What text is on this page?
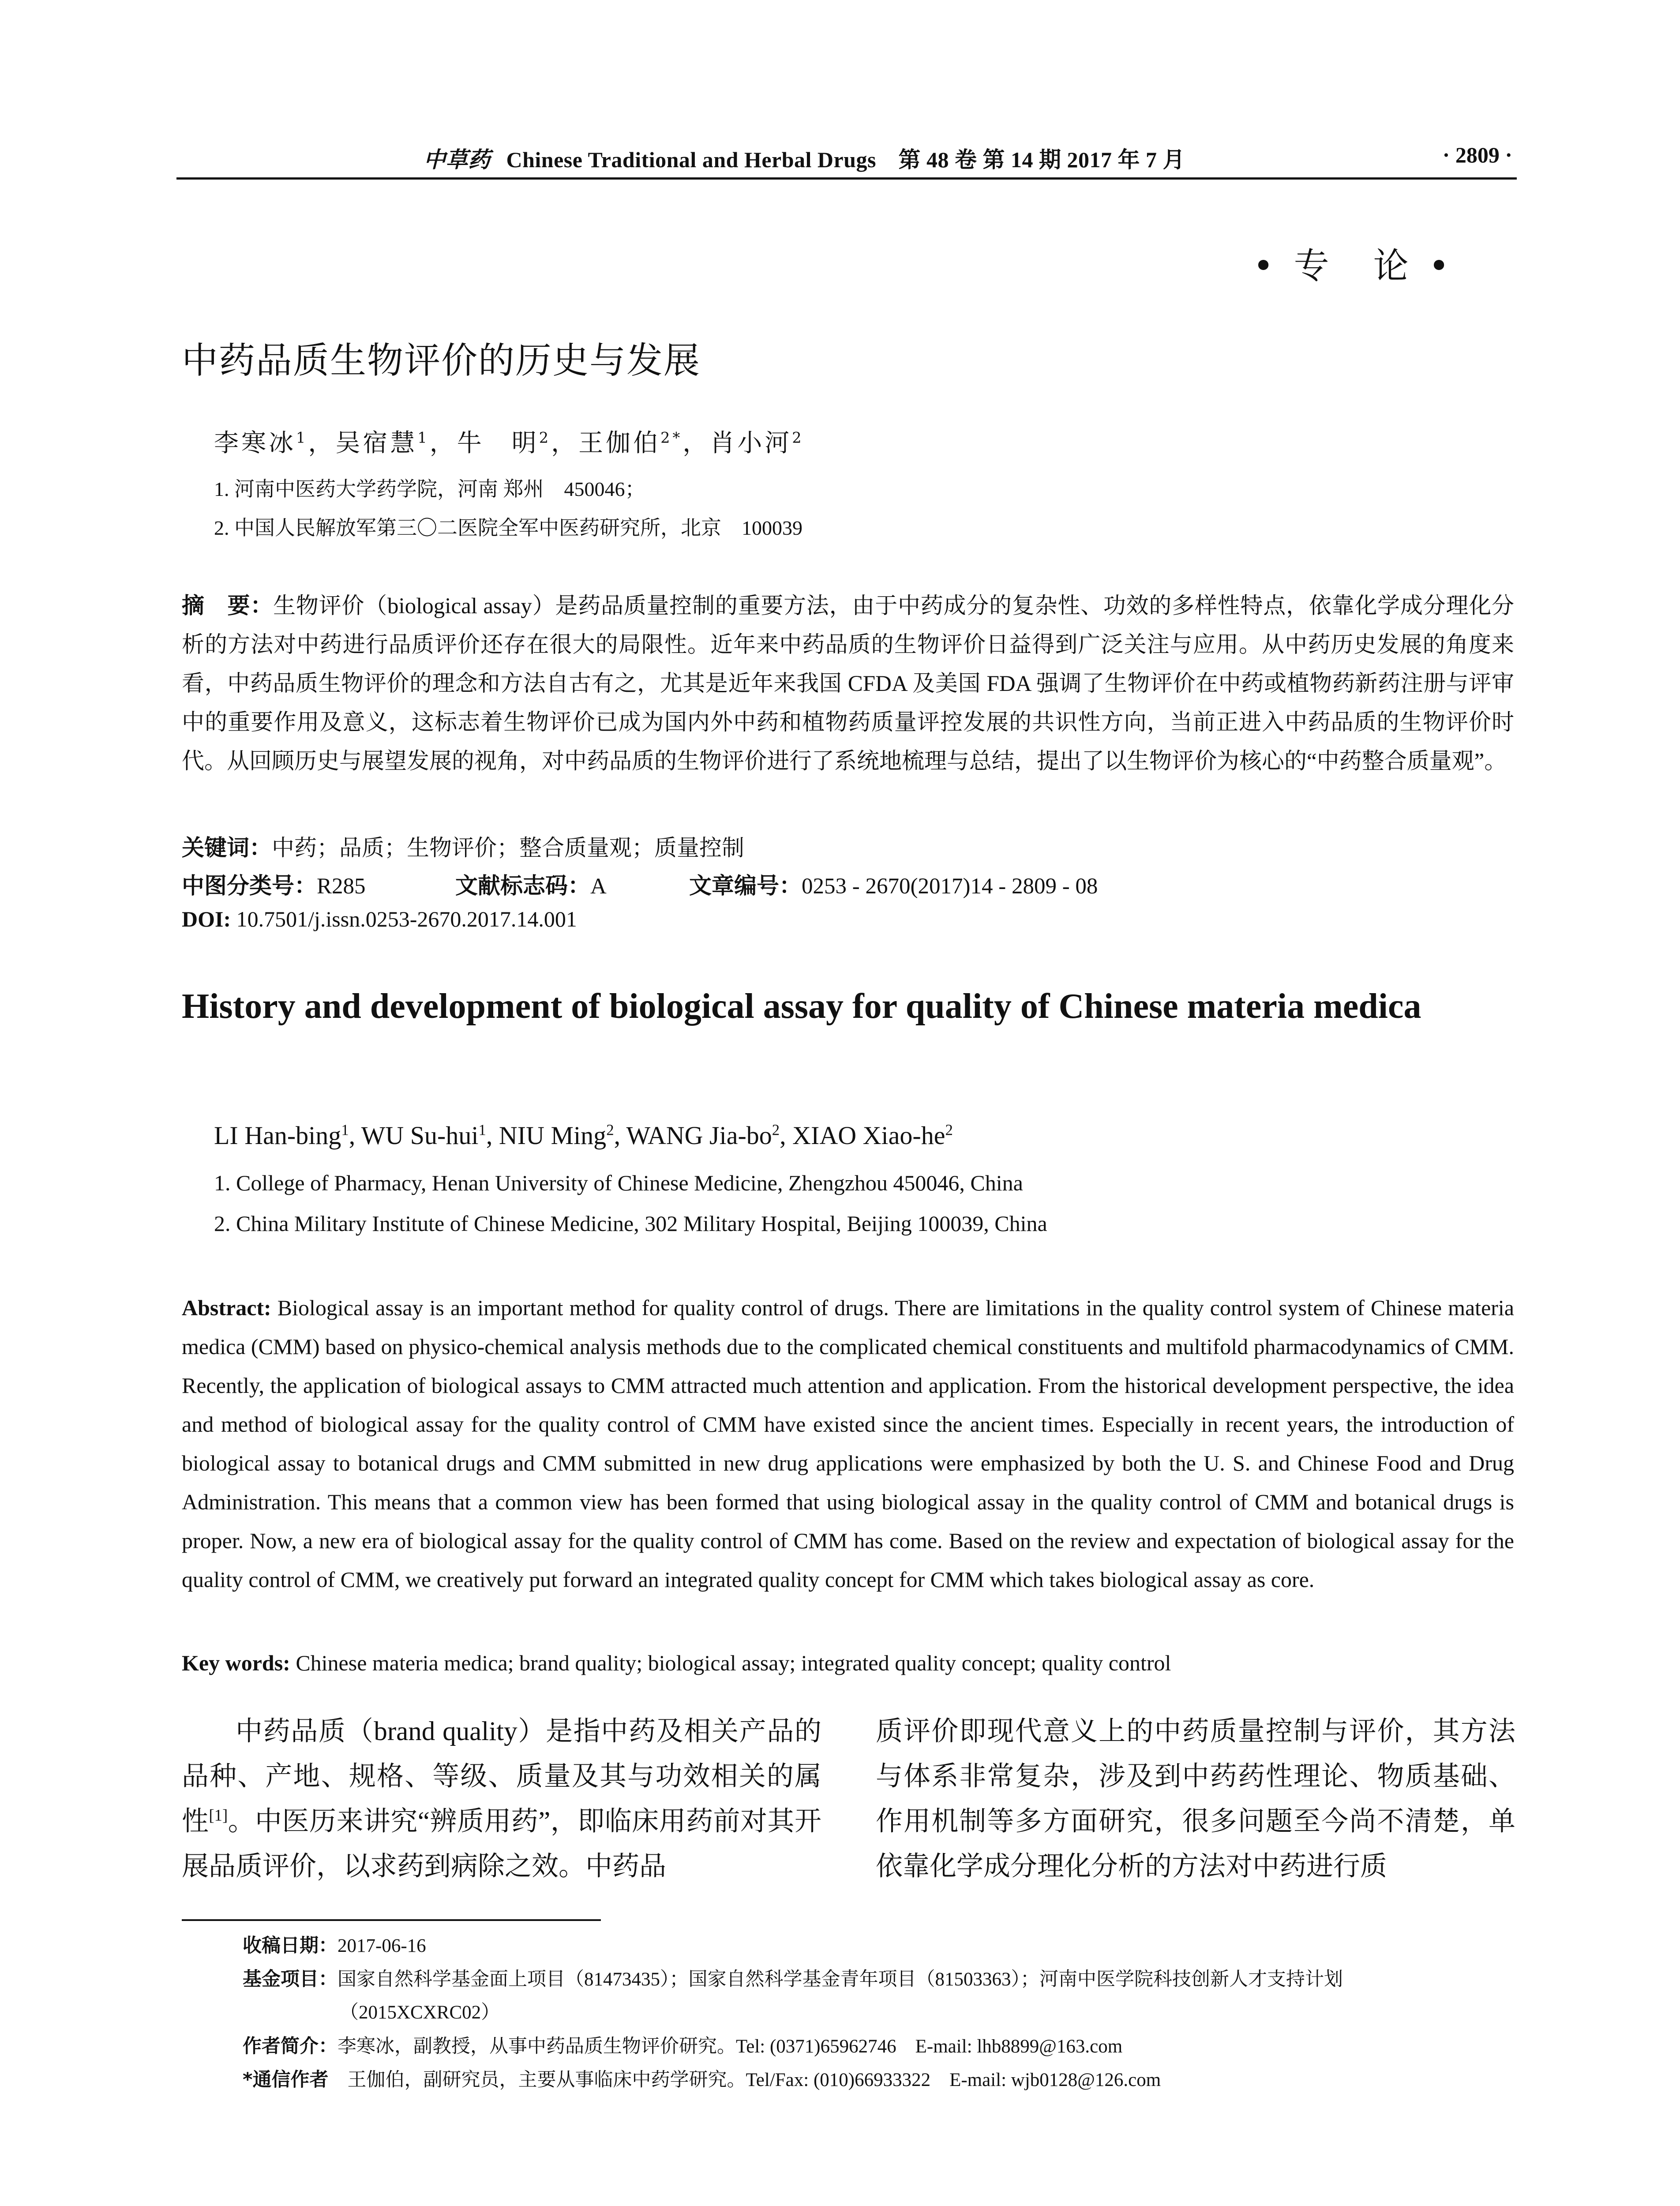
中草药 Chinese Traditional and Herbal Drugs　第 48 卷 第 14 期 2017 年 7 月	· 2809 ·
• 专　论 •
中药品质生物评价的历史与发展
李寒冰$^1$，吴宿慧$^1$，牛　明$^2$，王伽伯$^{2*}$，肖小河$^2$
1. 河南中医药大学药学院，河南 郑州　450046；
2. 中国人民解放军第三〇二医院全军中医药研究所，北京　100039
摘　要：生物评价（biological assay）是药品质量控制的重要方法，由于中药成分的复杂性、功效的多样性特点，依靠化学成分理化分析的方法对中药进行品质评价还存在很大的局限性。近年来中药品质的生物评价日益得到广泛关注与应用。从中药历史发展的角度来看，中药品质生物评价的理念和方法自古有之，尤其是近年来我国 CFDA 及美国 FDA 强调了生物评价在中药或植物药新药注册与评审中的重要作用及意义，这标志着生物评价已成为国内外中药和植物药质量评控发展的共识性方向，当前正进入中药品质的生物评价时代。从回顾历史与展望发展的视角，对中药品质的生物评价进行了系统地梳理与总结，提出了以生物评价为核心的“中药整合质量观”。
关键词：中药；品质；生物评价；整合质量观；质量控制
中图分类号：R285	文献标志码：A	文章编号：0253 - 2670(2017)14 - 2809 - 08
DOI: 10.7501/j.issn.0253-2670.2017.14.001
History and development of biological assay for quality of Chinese materia medica
LI Han-bing$^1$, WU Su-hui$^1$, NIU Ming$^2$, WANG Jia-$bo^2$, XIAO Xiao-$he^2$
1. College of Pharmacy, Henan University of Chinese Medicine, Zhengzhou 450046, China
2. China Military Institute of Chinese Medicine, 302 Military Hospital, Beijing 100039, China
Abstract: Biological assay is an important method for quality control of drugs. There are limitations in the quality control system of Chinese materia medica (CMM) based on physico-chemical analysis methods due to the complicated chemical constituents and multifold pharmacodynamics of CMM. Recently, the application of biological assays to CMM attracted much attention and application. From the historical development perspective, the idea and method of biological assay for the quality control of CMM have existed since the ancient times. Especially in recent years, the introduction of biological assay to botanical drugs and CMM submitted in new drug applications were emphasized by both the U. S. and Chinese Food and Drug Administration. This means that a common view has been formed that using biological assay in the quality control of CMM and botanical drugs is proper. Now, a new era of biological assay for the quality control of CMM has come. Based on the review and expectation of biological assay for the quality control of CMM, we creatively put forward an integrated quality concept for CMM which takes biological assay as core.
Key words: Chinese materia medica; brand quality; biological assay; integrated quality concept; quality control
中药品质（brand quality）是指中药及相关产品的品种、产地、规格、等级、质量及其与功效相关的属性[1]。中医历来讲究“辨质用药”，即临床用药前对其开展品质评价，以求药到病除之效。中药品
质评价即现代意义上的中药质量控制与评价，其方法与体系非常复杂，涉及到中药药性理论、物质基础、作用机制等多方面研究，很多问题至今尚不清楚，单依靠化学成分理化分析的方法对中药进行质
收稿日期：2017-06-16
基金项目：国家自然科学基金面上项目（81473435）；国家自然科学基金青年项目（81503363）；河南中医学院科技创新人才支持计划
（2015XCXRC02）
作者简介：李寒冰，副教授，从事中药品质生物评价研究。Tel: (0371)65962746　E-mail: lhb8899@163.com
*通信作者　 王伽伯，副研究员，主要从事临床中药学研究。Tel/Fax: (010)66933322　E-mail: wjb0128@126.com
